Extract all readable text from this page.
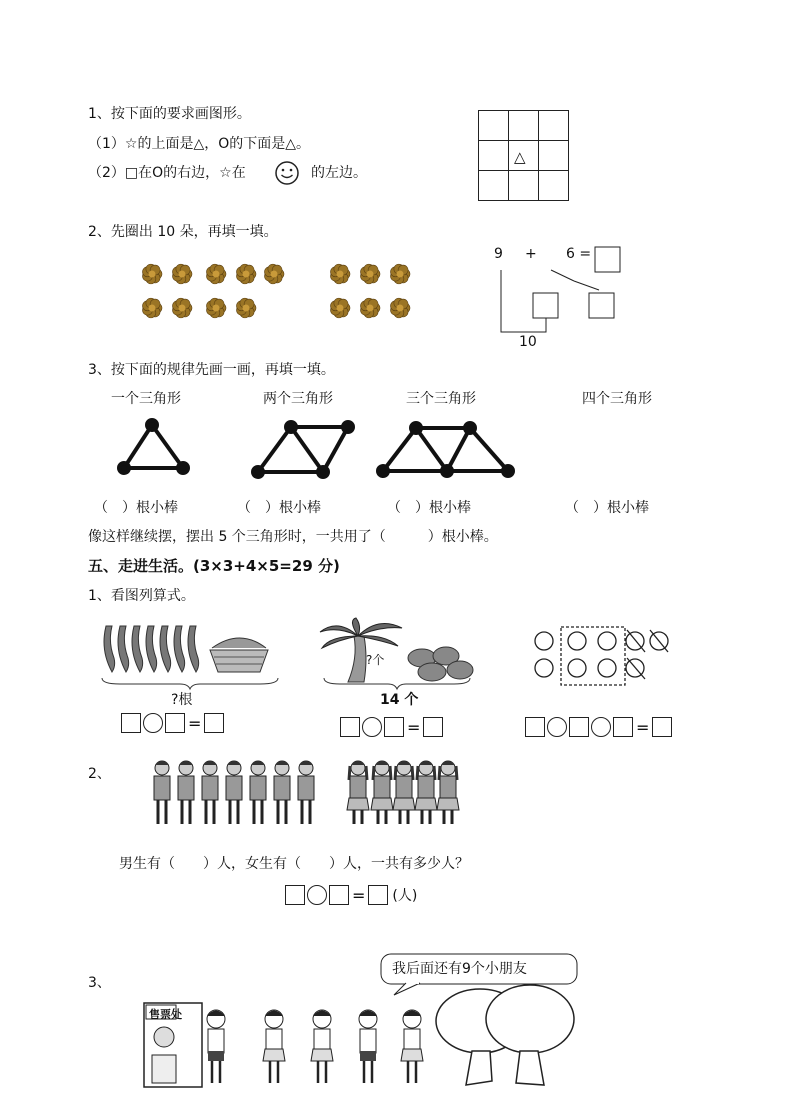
1、按下面的要求画图形。
（1）☆的上面是△，O的下面是△。
（2）□在O的右边，☆在	的左边。
△
2、先圈出 10 朵，再填一填。
9 + 6 =
10
3、按下面的规律先画一画，再填一填。
一个三角形	两个三角形	三个三角形	四个三角形
（　）根小棒	（　）根小棒	（　）根小棒	（　）根小棒
像这样继续摆，摆出 5 个三角形时，一共用了（　　　）根小棒。
五、走进生活。(3×3+4×5=29 分)
1、看图列算式。
?根
?个
14 个
=	=	=
2、
男生有（　　）人，女生有（　　）人，一共有多少人？
= (人)
3、
我后面还有9个小朋友
售票处
